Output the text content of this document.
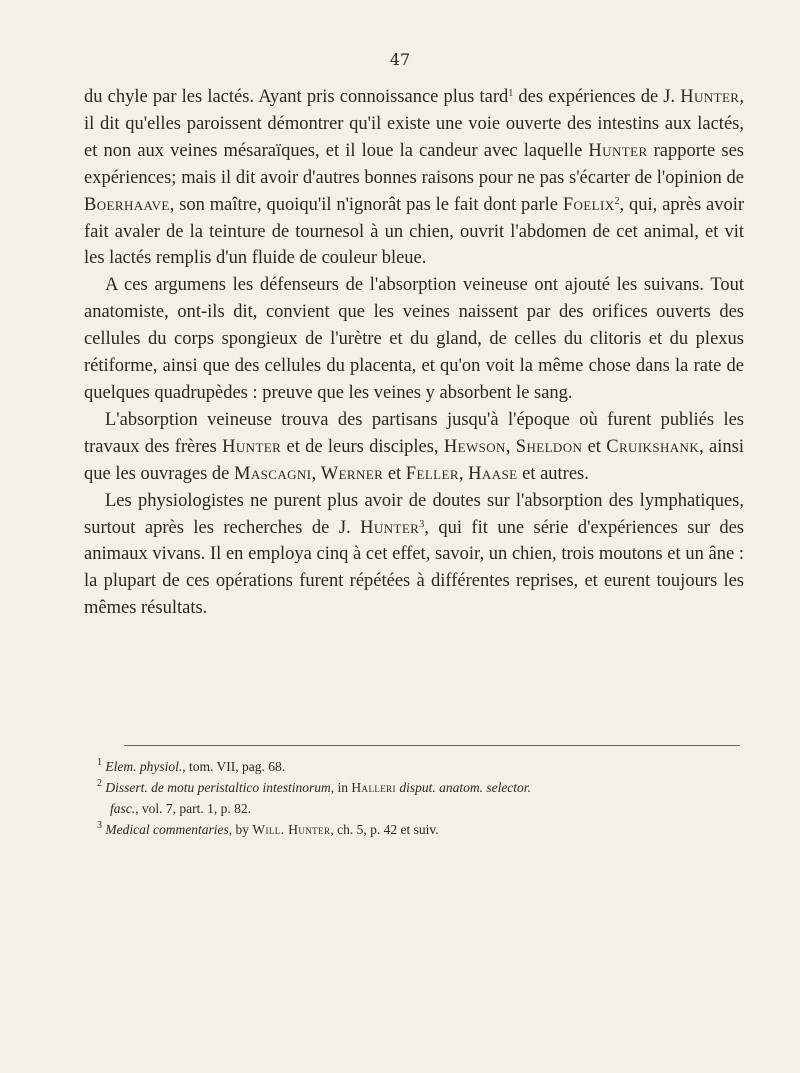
47

du chyle par les lactés. Ayant pris connoissance plus tard$^1$ des expériences de J. Hunter, il dit qu'elles paroissent démontrer qu'il existe une voie ouverte des intestins aux lactés, et non aux veines mésaraïques, et il loue la candeur avec laquelle Hunter rapporte ses expériences; mais il dit avoir d'autres bonnes raisons pour ne pas s'écarter de l'opinion de Boerhaave, son maître, quoiqu'il n'ignorât pas le fait dont parle Foelix$^2$, qui, après avoir fait avaler de la teinture de tournesol à un chien, ouvrit l'abdomen de cet animal, et vit les lactés remplis d'un fluide de couleur bleue.

A ces argumens les défenseurs de l'absorption veineuse ont ajouté les suivans. Tout anatomiste, ont-ils dit, convient que les veines naissent par des orifices ouverts des cellules du corps spongieux de l'urètre et du gland, de celles du clitoris et du plexus rétiforme, ainsi que des cellules du placenta, et qu'on voit la même chose dans la rate de quelques quadrupèdes : preuve que les veines y absorbent le sang.

L'absorption veineuse trouva des partisans jusqu'à l'époque où furent publiés les travaux des frères Hunter et de leurs disciples, Hewson, Sheldon et Cruikshank, ainsi que les ouvrages de Mascagni, Werner et Feller, Haase et autres.

Les physiologistes ne purent plus avoir de doutes sur l'absorption des lymphatiques, surtout après les recherches de J. Hunter$^3$, qui fit une série d'expériences sur des animaux vivans. Il en employa cinq à cet effet, savoir, un chien, trois moutons et un âne : la plupart de ces opérations furent répétées à différentes reprises, et eurent toujours les mêmes résultats.

$^1$ Elem. physiol., tom. VII, pag. 68.

$^2$ Dissert. de motu peristaltico intestinorum, in Halleri disput. anatom. selector.
fasc., vol. 7, part. 1, p. 82.

$^3$ Medical commentaries, by Will. Hunter, ch. 5, p. 42 et suiv.
